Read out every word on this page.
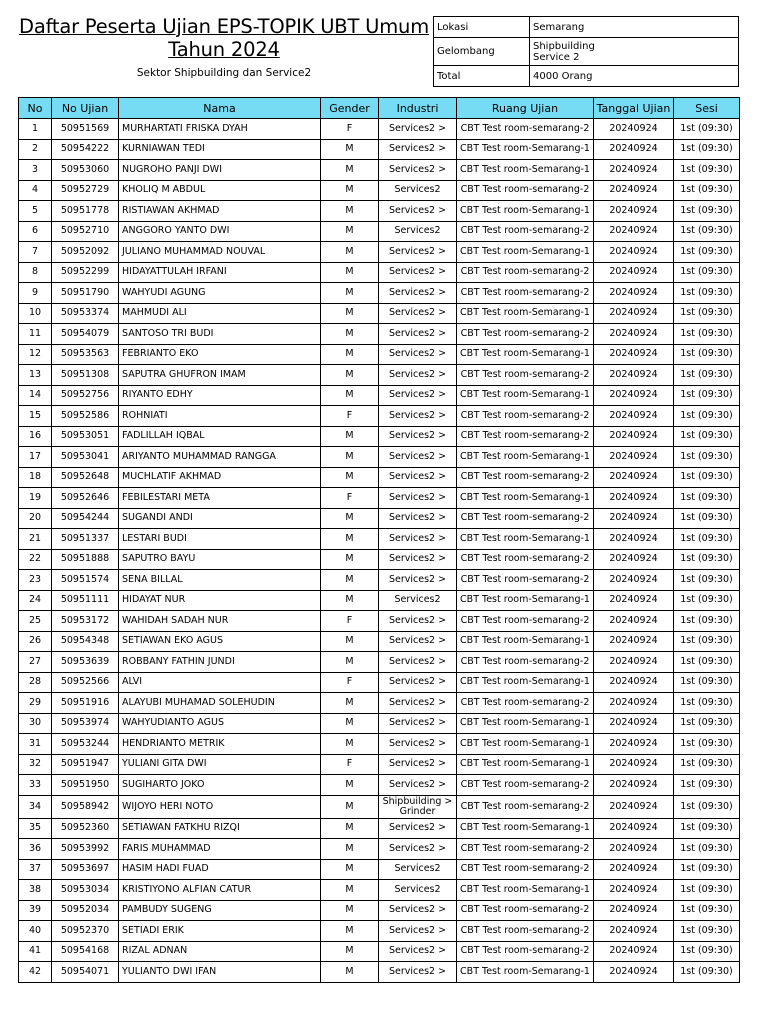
Daftar Peserta Ujian EPS-TOPIK UBT Umum
Tahun 2024
Sektor Shipbuilding dan Service2
Lokasi	Semarang
Gelombang	Shipbuilding
Service 2
Total	4000 Orang
No	No Ujian	Nama	Gender	Industri	Ruang Ujian	Tanggal Ujian	Sesi
1	50951569	MURHARTATI FRISKA DYAH	F	Services2 >	CBT Test room-semarang-2	20240924	1st (09:30)
2	50954222	KURNIAWAN TEDI	M	Services2 >	CBT Test room-Semarang-1	20240924	1st (09:30)
3	50953060	NUGROHO PANJI DWI	M	Services2 >	CBT Test room-Semarang-1	20240924	1st (09:30)
4	50952729	KHOLIQ M ABDUL	M	Services2	CBT Test room-semarang-2	20240924	1st (09:30)
5	50951778	RISTIAWAN AKHMAD	M	Services2 >	CBT Test room-Semarang-1	20240924	1st (09:30)
6	50952710	ANGGORO YANTO DWI	M	Services2	CBT Test room-semarang-2	20240924	1st (09:30)
7	50952092	JULIANO MUHAMMAD NOUVAL	M	Services2 >	CBT Test room-Semarang-1	20240924	1st (09:30)
8	50952299	HIDAYATTULAH IRFANI	M	Services2 >	CBT Test room-semarang-2	20240924	1st (09:30)
9	50951790	WAHYUDI AGUNG	M	Services2 >	CBT Test room-semarang-2	20240924	1st (09:30)
10	50953374	MAHMUDI ALI	M	Services2 >	CBT Test room-Semarang-1	20240924	1st (09:30)
11	50954079	SANTOSO TRI BUDI	M	Services2 >	CBT Test room-semarang-2	20240924	1st (09:30)
12	50953563	FEBRIANTO EKO	M	Services2 >	CBT Test room-Semarang-1	20240924	1st (09:30)
13	50951308	SAPUTRA GHUFRON IMAM	M	Services2 >	CBT Test room-semarang-2	20240924	1st (09:30)
14	50952756	RIYANTO EDHY	M	Services2 >	CBT Test room-Semarang-1	20240924	1st (09:30)
15	50952586	ROHNIATI	F	Services2 >	CBT Test room-semarang-2	20240924	1st (09:30)
16	50953051	FADLILLAH IQBAL	M	Services2 >	CBT Test room-semarang-2	20240924	1st (09:30)
17	50953041	ARIYANTO MUHAMMAD RANGGA	M	Services2 >	CBT Test room-Semarang-1	20240924	1st (09:30)
18	50952648	MUCHLATIF AKHMAD	M	Services2 >	CBT Test room-semarang-2	20240924	1st (09:30)
19	50952646	FEBILESTARI META	F	Services2 >	CBT Test room-Semarang-1	20240924	1st (09:30)
20	50954244	SUGANDI ANDI	M	Services2 >	CBT Test room-semarang-2	20240924	1st (09:30)
21	50951337	LESTARI BUDI	M	Services2 >	CBT Test room-Semarang-1	20240924	1st (09:30)
22	50951888	SAPUTRO BAYU	M	Services2 >	CBT Test room-semarang-2	20240924	1st (09:30)
23	50951574	SENA BILLAL	M	Services2 >	CBT Test room-semarang-2	20240924	1st (09:30)
24	50951111	HIDAYAT NUR	M	Services2	CBT Test room-Semarang-1	20240924	1st (09:30)
25	50953172	WAHIDAH SADAH NUR	F	Services2 >	CBT Test room-semarang-2	20240924	1st (09:30)
26	50954348	SETIAWAN EKO AGUS	M	Services2 >	CBT Test room-Semarang-1	20240924	1st (09:30)
27	50953639	ROBBANY FATHIN JUNDI	M	Services2 >	CBT Test room-semarang-2	20240924	1st (09:30)
28	50952566	ALVI	F	Services2 >	CBT Test room-Semarang-1	20240924	1st (09:30)
29	50951916	ALAYUBI MUHAMAD SOLEHUDIN	M	Services2 >	CBT Test room-semarang-2	20240924	1st (09:30)
30	50953974	WAHYUDIANTO AGUS	M	Services2 >	CBT Test room-Semarang-1	20240924	1st (09:30)
31	50953244	HENDRIANTO METRIK	M	Services2 >	CBT Test room-Semarang-1	20240924	1st (09:30)
32	50951947	YULIANI GITA DWI	F	Services2 >	CBT Test room-Semarang-1	20240924	1st (09:30)
33	50951950	SUGIHARTO JOKO	M	Services2 >	CBT Test room-semarang-2	20240924	1st (09:30)
34	50958942	WIJOYO HERI NOTO	M	Shipbuilding >
Grinder	CBT Test room-semarang-2	20240924	1st (09:30)
35	50952360	SETIAWAN FATKHU RIZQI	M	Services2 >	CBT Test room-Semarang-1	20240924	1st (09:30)
36	50953992	FARIS MUHAMMAD	M	Services2 >	CBT Test room-semarang-2	20240924	1st (09:30)
37	50953697	HASIM HADI FUAD	M	Services2	CBT Test room-semarang-2	20240924	1st (09:30)
38	50953034	KRISTIYONO ALFIAN CATUR	M	Services2	CBT Test room-Semarang-1	20240924	1st (09:30)
39	50952034	PAMBUDY SUGENG	M	Services2 >	CBT Test room-semarang-2	20240924	1st (09:30)
40	50952370	SETIADI ERIK	M	Services2 >	CBT Test room-semarang-2	20240924	1st (09:30)
41	50954168	RIZAL ADNAN	M	Services2 >	CBT Test room-semarang-2	20240924	1st (09:30)
42	50954071	YULIANTO DWI IFAN	M	Services2 >	CBT Test room-Semarang-1	20240924	1st (09:30)
